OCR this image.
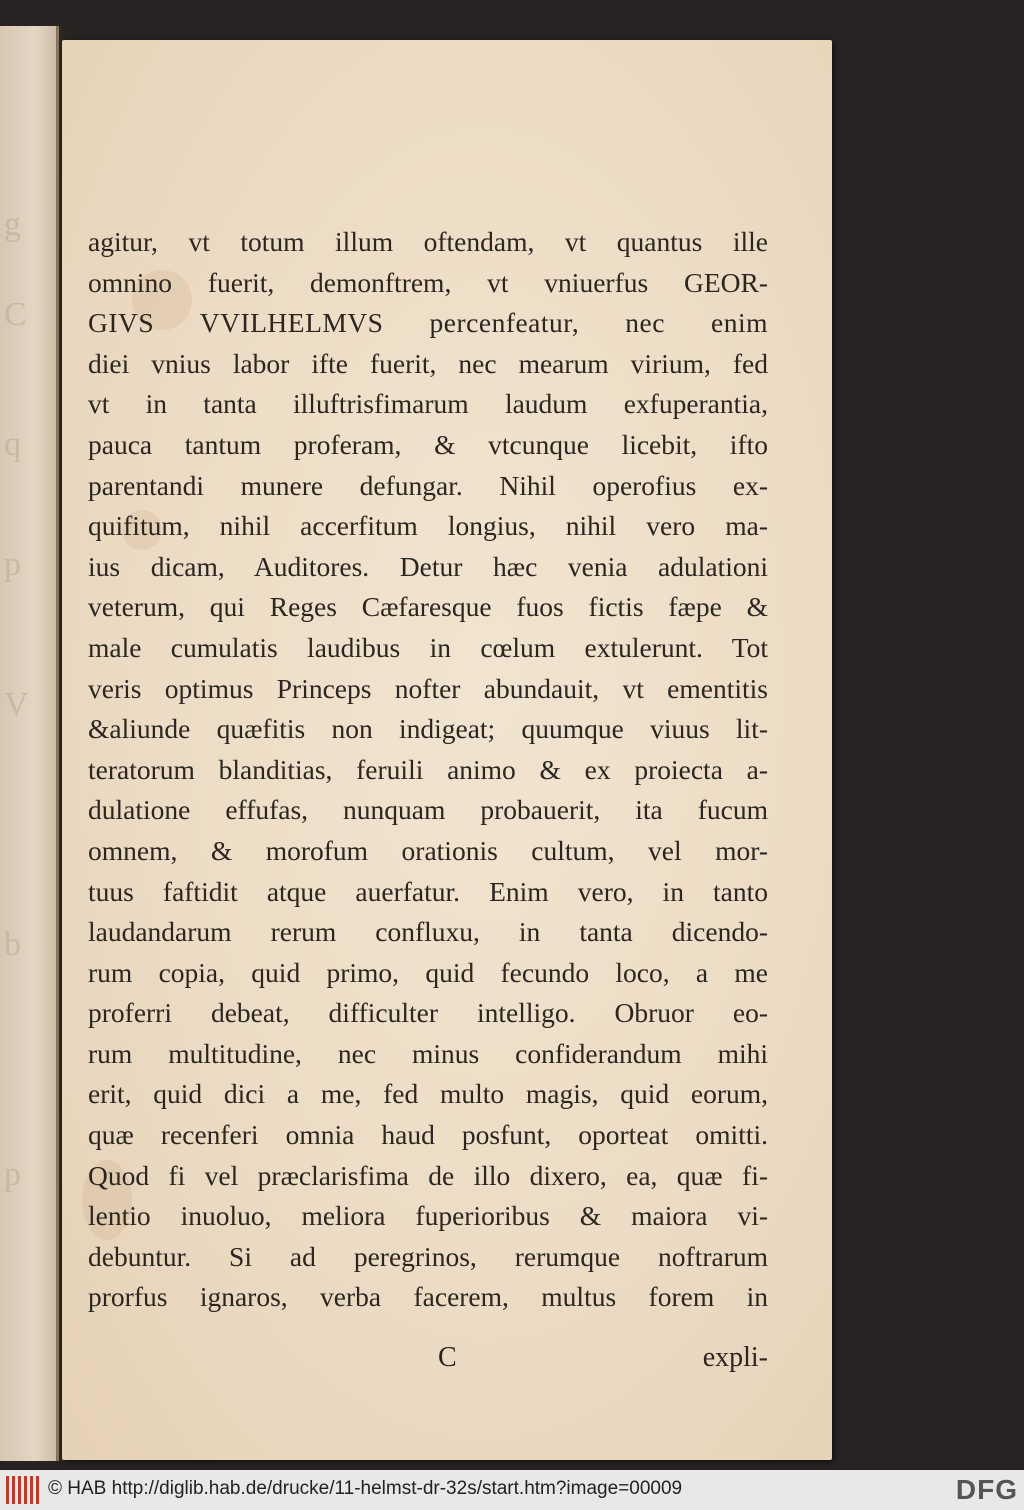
g
C
q
p
V
b
p
agitur, vt totum illum oftendam, vt quantus ille
omnino fuerit, demonftrem, vt vniuerfus GEOR-
GIVS VVILHELMVS percenfeatur, nec enim
diei vnius labor ifte fuerit, nec mearum virium, fed
vt in tanta illuftrisfimarum laudum exfuperantia,
pauca tantum proferam, & vtcunque licebit, ifto
parentandi munere defungar. Nihil operofius ex-
quifitum, nihil accerfitum longius, nihil vero ma-
ius dicam, Auditores. Detur hæc venia adulationi
veterum, qui Reges Cæfaresque fuos fictis fæpe &
male cumulatis laudibus in cœlum extulerunt. Tot
veris optimus Princeps nofter abundauit, vt ementitis
&aliunde quæfitis non indigeat; quumque viuus lit-
teratorum blanditias, feruili animo & ex proiecta a-
dulatione effufas, nunquam probauerit, ita fucum
omnem, & morofum orationis cultum, vel mor-
tuus faftidit atque auerfatur. Enim vero, in tanto
laudandarum rerum confluxu, in tanta dicendo-
rum copia, quid primo, quid fecundo loco, a me
proferri debeat, difficulter intelligo. Obruor eo-
rum multitudine, nec minus confiderandum mihi
erit, quid dici a me, fed multo magis, quid eorum,
quæ recenferi omnia haud posfunt, oporteat omitti.
Quod fi vel præclarisfima de illo dixero, ea, quæ fi-
lentio inuoluo, meliora fuperioribus & maiora vi-
debuntur. Si ad peregrinos, rerumque noftrarum
prorfus ignaros, verba facerem, multus forem in
C	expli-
© HAB http://diglib.hab.de/drucke/11-helmst-dr-32s/start.htm?image=00009	DFG
